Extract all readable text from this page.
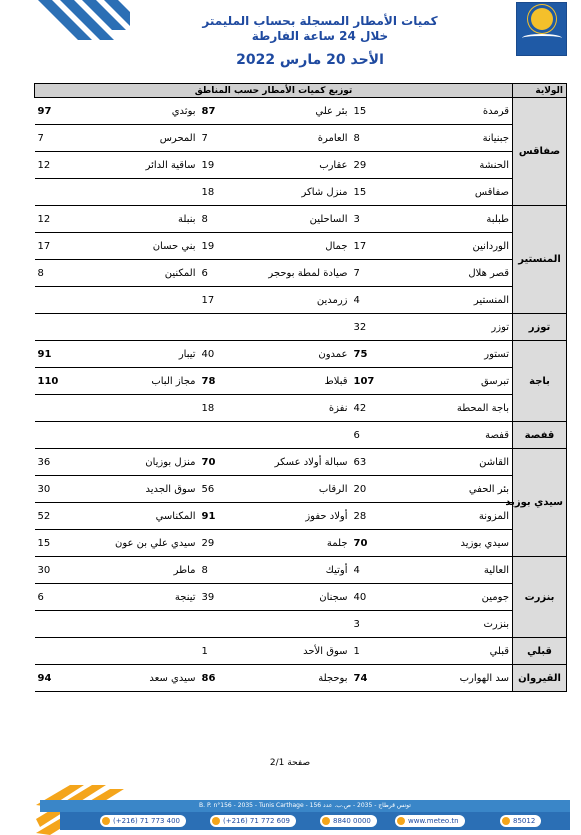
كميات الأمطار المسجلة بحساب المليمتر
خلال 24 ساعة الفارطة
الأحد 20 مارس 2022
الولاية	توزيع كميات الأمطار حسب المناطق					
صفاقس	قرمدة	15	بئر علي	87	بوثدي	97
	جبنيانة	8	العامرة	7	المحرس	7
	الحنشة	29	عقارب	19	ساقية الدائر	12
	صفاقس	15	منزل شاكر	18		
المنستير	طبلبة	3	الساحلين	8	بنبلة	12
	الوردانين	17	جمال	19	بني حسان	17
	قصر هلال	7	صيادة لمطة بوحجر	6	المكنين	8
	المنستير	4	زرمدين	17		
توزر	توزر	32				
باجة	تستور	75	عمدون	40	تيبار	91
	تبرسق	107	قبلاط	78	مجاز الباب	110
	باجة المحطة	42	نفزة	18		
قفصة	قفصة	6				
سيدي بوزيد	القاشن	63	سبالة أولاد عسكر	70	منزل بوزيان	36
	بئر الحفي	20	الرقاب	56	سوق الجديد	30
	المزونة	28	أولاد حفوز	91	المكناسي	52
	سيدي بوزيد	70	جلمة	29	سيدي علي بن عون	15
بنزرت	العالية	4	أوتيك	8	ماطر	30
	جومين	40	سجنان	39	تينجة	6
	بنزرت	3				
قبلي	قبلي	1	سوق الأحد	1		
القيروان	سد الهوارب	74	بوحجلة	86	سيدي سعد	94
صفحة 2/1
B. P. n°156 - 2035 - Tunis Carthage - تونس قرطاج - 2035 - ص.ب. عدد 156
(+216) 71 773 400	(+216) 71 772 609	8840 0000	www.meteo.tn	85012
